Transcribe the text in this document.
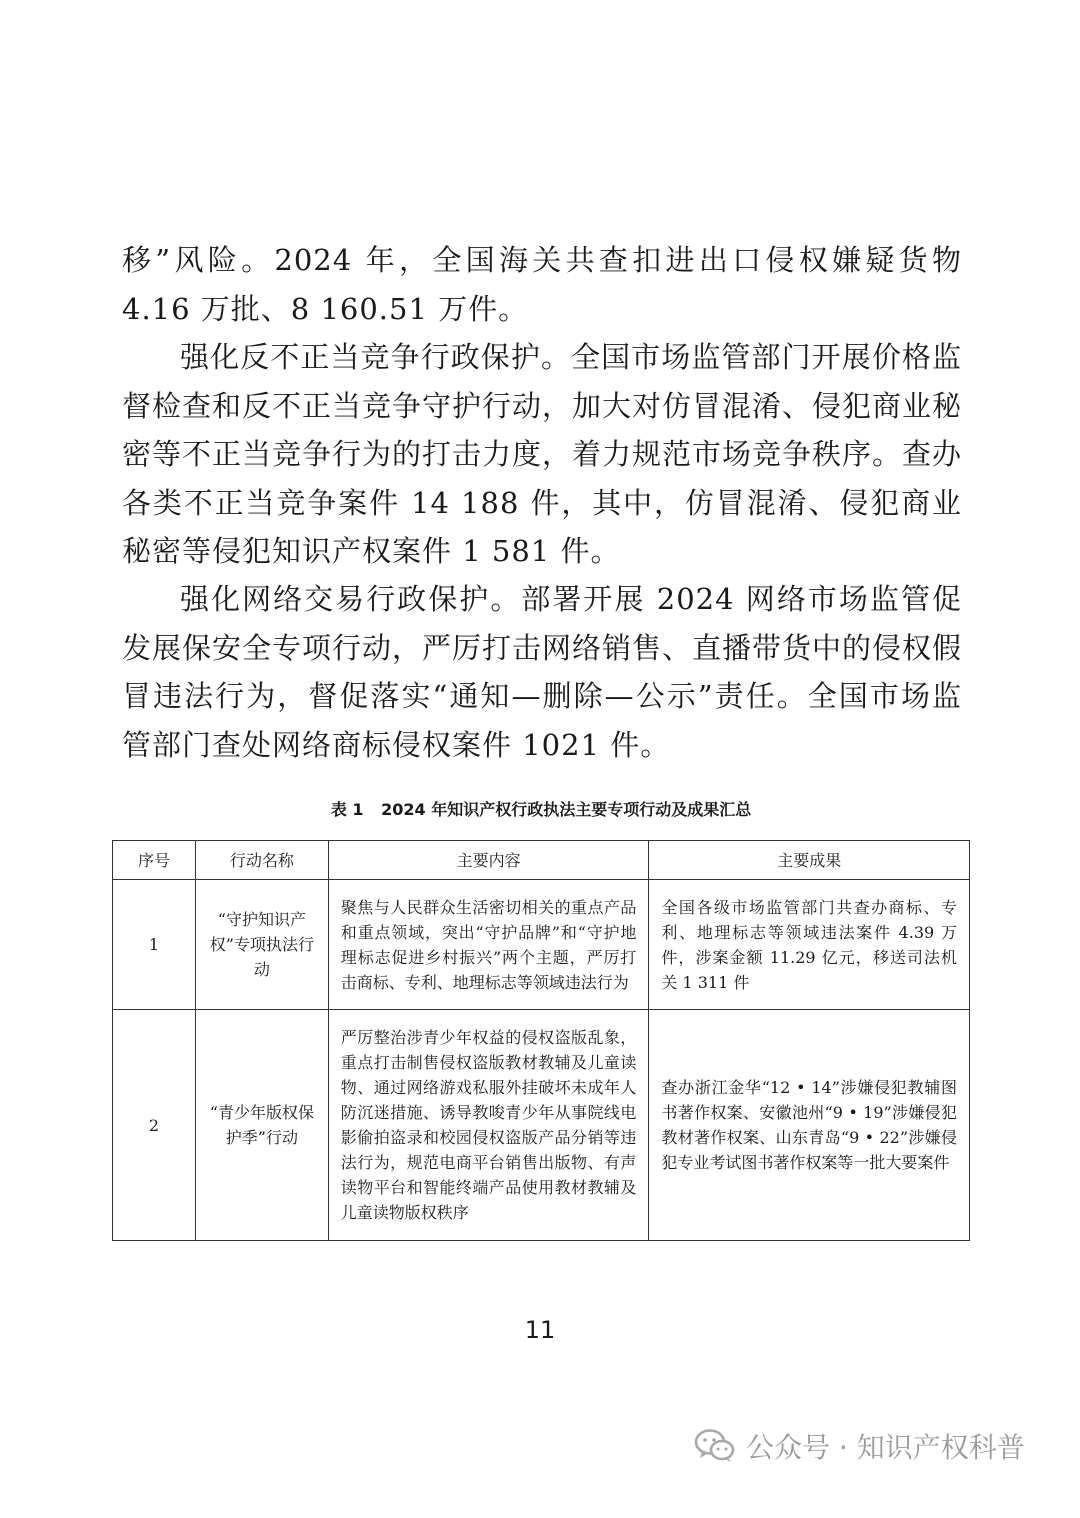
移”风险。2024 年，全国海关共查扣进出口侵权嫌疑货物 4.16 万批、8 160.51 万件。

强化反不正当竞争行政保护。全国市场监管部门开展价格监督检查和反不正当竞争守护行动，加大对仿冒混淆、侵犯商业秘密等不正当竞争行为的打击力度，着力规范市场竞争秩序。查办各类不正当竞争案件 14 188 件，其中，仿冒混淆、侵犯商业秘密等侵犯知识产权案件 1 581 件。

强化网络交易行政保护。部署开展 2024 网络市场监管促发展保安全专项行动，严厉打击网络销售、直播带货中的侵权假冒违法行为，督促落实“通知—删除—公示”责任。全国市场监管部门查处网络商标侵权案件 1021 件。

表 1 2024 年知识产权行政执法主要专项行动及成果汇总
序号	行动名称	主要内容	主要成果
1	“守护知识产权”专项执法行动	聚焦与人民群众生活密切相关的重点产品和重点领域，突出“守护品牌”和“守护地理标志促进乡村振兴”两个主题，严厉打击商标、专利、地理标志等领域违法行为	全国各级市场监管部门共查办商标、专利、地理标志等领域违法案件 4.39 万件，涉案金额 11.29 亿元，移送司法机关 1 311 件
2	“青少年版权保护季”行动	严厉整治涉青少年权益的侵权盗版乱象，重点打击制售侵权盗版教材教辅及儿童读物、通过网络游戏私服外挂破坏未成年人防沉迷措施、诱导教唆青少年从事院线电影偷拍盗录和校园侵权盗版产品分销等违法行为，规范电商平台销售出版物、有声读物平台和智能终端产品使用教材教辅及儿童读物版权秩序	查办浙江金华“12 • 14”涉嫌侵犯教辅图书著作权案、安徽池州“9 • 19”涉嫌侵犯教材著作权案、山东青岛“9 • 22”涉嫌侵犯专业考试图书著作权案等一批大要案件
11
公众号 · 知识产权科普
